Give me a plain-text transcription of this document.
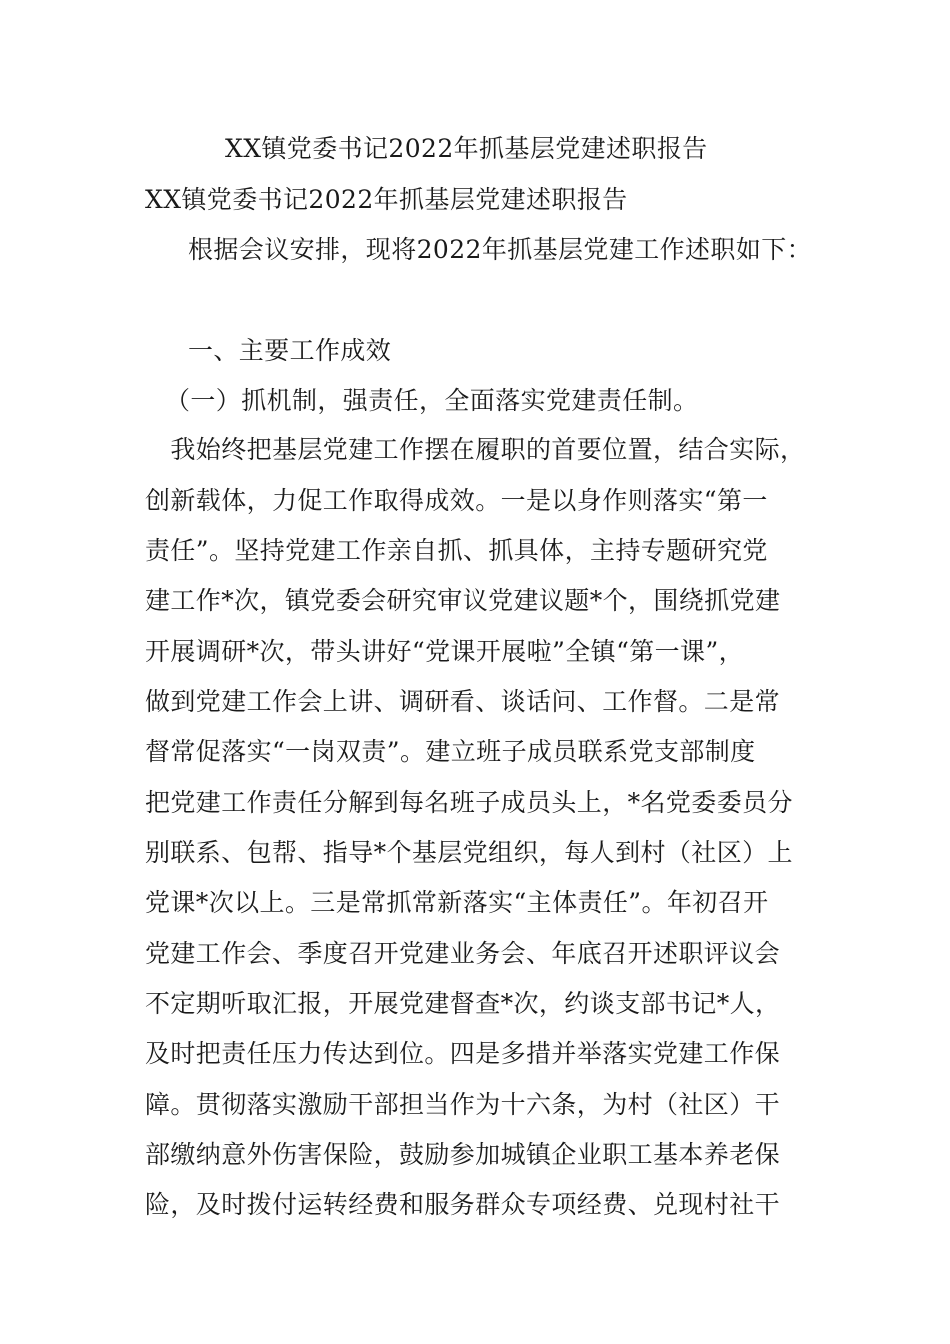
XX镇党委书记2022年抓基层党建述职报告
XX镇党委书记2022年抓基层党建述职报告
根据会议安排，现将2022年抓基层党建工作述职如下：
一、主要工作成效
（一）抓机制，强责任，全面落实党建责任制。
　我始终把基层党建工作摆在履职的首要位置，结合实际，
创新载体，力促工作取得成效。一是以身作则落实“第一
责任”。坚持党建工作亲自抓、抓具体，主持专题研究党
建工作*次，镇党委会研究审议党建议题*个，围绕抓党建
开展调研*次，带头讲好“党课开展啦”全镇“第一课”，
做到党建工作会上讲、调研看、谈话问、工作督。二是常
督常促落实“一岗双责”。建立班子成员联系党支部制度
把党建工作责任分解到每名班子成员头上，*名党委委员分
别联系、包帮、指导*个基层党组织，每人到村（社区）上
党课*次以上。三是常抓常新落实“主体责任”。年初召开
党建工作会、季度召开党建业务会、年底召开述职评议会
不定期听取汇报，开展党建督查*次，约谈支部书记*人，
及时把责任压力传达到位。四是多措并举落实党建工作保
障。贯彻落实激励干部担当作为十六条，为村（社区）干
部缴纳意外伤害保险，鼓励参加城镇企业职工基本养老保
险，及时拨付运转经费和服务群众专项经费、兑现村社干
